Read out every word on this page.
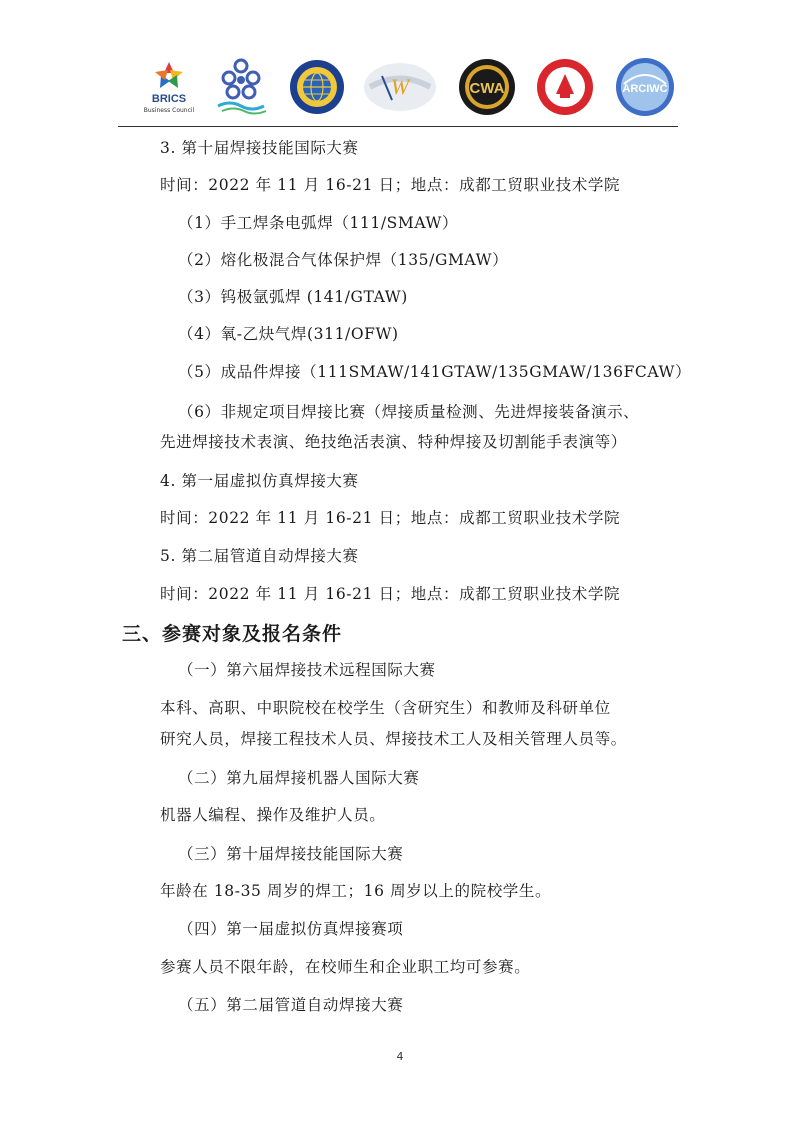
BRICS
Business Council
W	CWA	ARCIWC
3. 第十届焊接技能国际大赛
时间：2022 年 11 月 16-21 日；地点：成都工贸职业技术学院
（1）手工焊条电弧焊（111/SMAW）
（2）熔化极混合气体保护焊（135/GMAW）
（3）钨极氩弧焊 (141/GTAW)
（4）氧-乙炔气焊(311/OFW)
（5）成品件焊接（111SMAW/141GTAW/135GMAW/136FCAW）
（6）非规定项目焊接比赛（焊接质量检测、先进焊接装备演示、
先进焊接技术表演、绝技绝活表演、特种焊接及切割能手表演等）
4. 第一届虚拟仿真焊接大赛
时间：2022 年 11 月 16-21 日；地点：成都工贸职业技术学院
5. 第二届管道自动焊接大赛
时间：2022 年 11 月 16-21 日；地点：成都工贸职业技术学院
三、参赛对象及报名条件
（一）第六届焊接技术远程国际大赛
本科、高职、中职院校在校学生（含研究生）和教师及科研单位
研究人员，焊接工程技术人员、焊接技术工人及相关管理人员等。
（二）第九届焊接机器人国际大赛
机器人编程、操作及维护人员。
（三）第十届焊接技能国际大赛
年龄在 18-35 周岁的焊工；16 周岁以上的院校学生。
（四）第一届虚拟仿真焊接赛项
参赛人员不限年龄，在校师生和企业职工均可参赛。
（五）第二届管道自动焊接大赛
4
